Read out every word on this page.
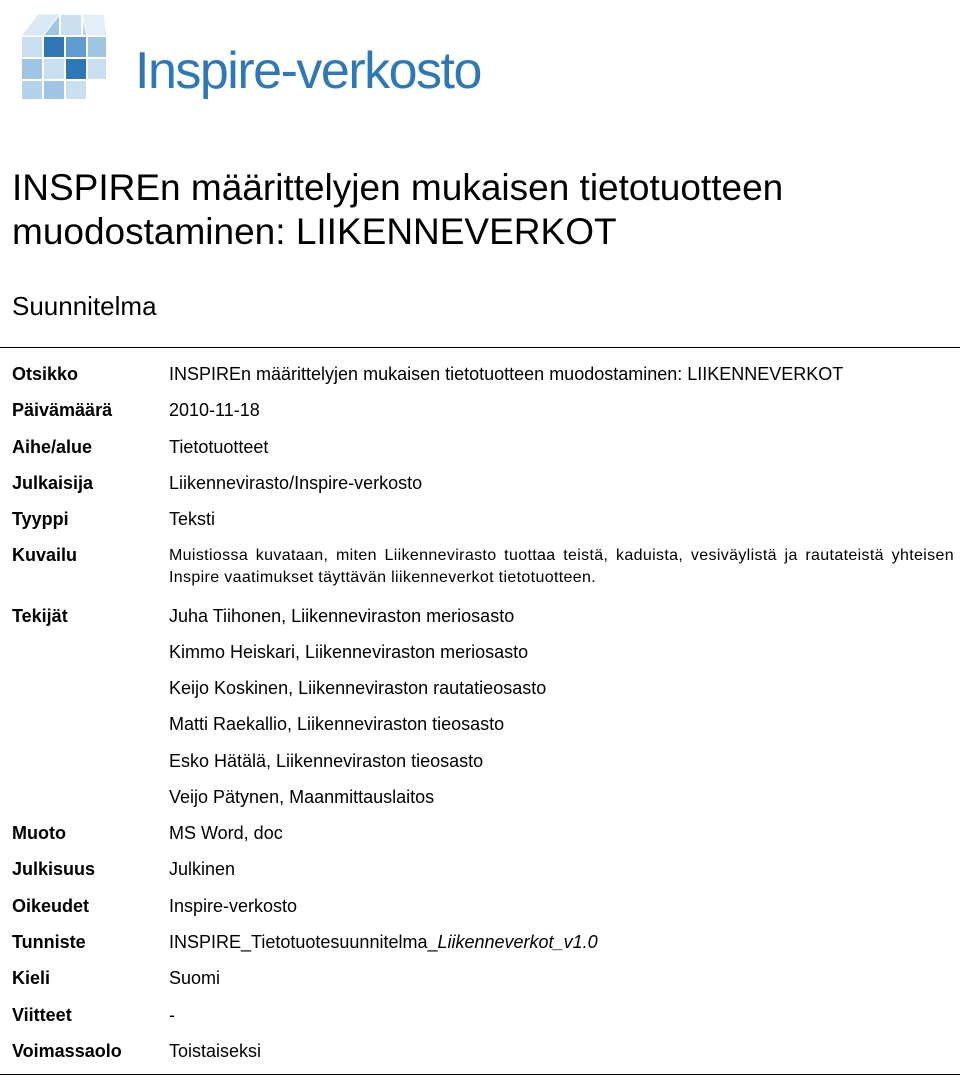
Inspire-verkosto
INSPIREn määrittelyjen mukaisen tietotuotteen muodostaminen: LIIKENNEVERKOT
Suunnitelma
Otsikko	INSPIREn määrittelyjen mukaisen tietotuotteen muodostaminen: LIIKENNEVERKOT
Päivämäärä	2010-11-18
Aihe/alue	Tietotuotteet
Julkaisija	Liikennevirasto/Inspire-verkosto
Tyyppi	Teksti
Kuvailu	Muistiossa kuvataan, miten Liikennevirasto tuottaa teistä, kaduista, vesiväylistä ja rautateistä yhteisen Inspire vaatimukset täyttävän liikenneverkot tietotuotteen.
Tekijät	Juha Tiihonen, Liikenneviraston meriosasto
Kimmo Heiskari, Liikenneviraston meriosasto
Keijo Koskinen, Liikenneviraston rautatieosasto
Matti Raekallio, Liikenneviraston tieosasto
Esko Hätälä, Liikenneviraston tieosasto
Veijo Pätynen, Maanmittauslaitos
Muoto	MS Word, doc
Julkisuus	Julkinen
Oikeudet	Inspire-verkosto
Tunniste	INSPIRE_Tietotuotesuunnitelma_Liikenneverkot_v1.0
Kieli	Suomi
Viitteet	-
Voimassaolo	Toistaiseksi
